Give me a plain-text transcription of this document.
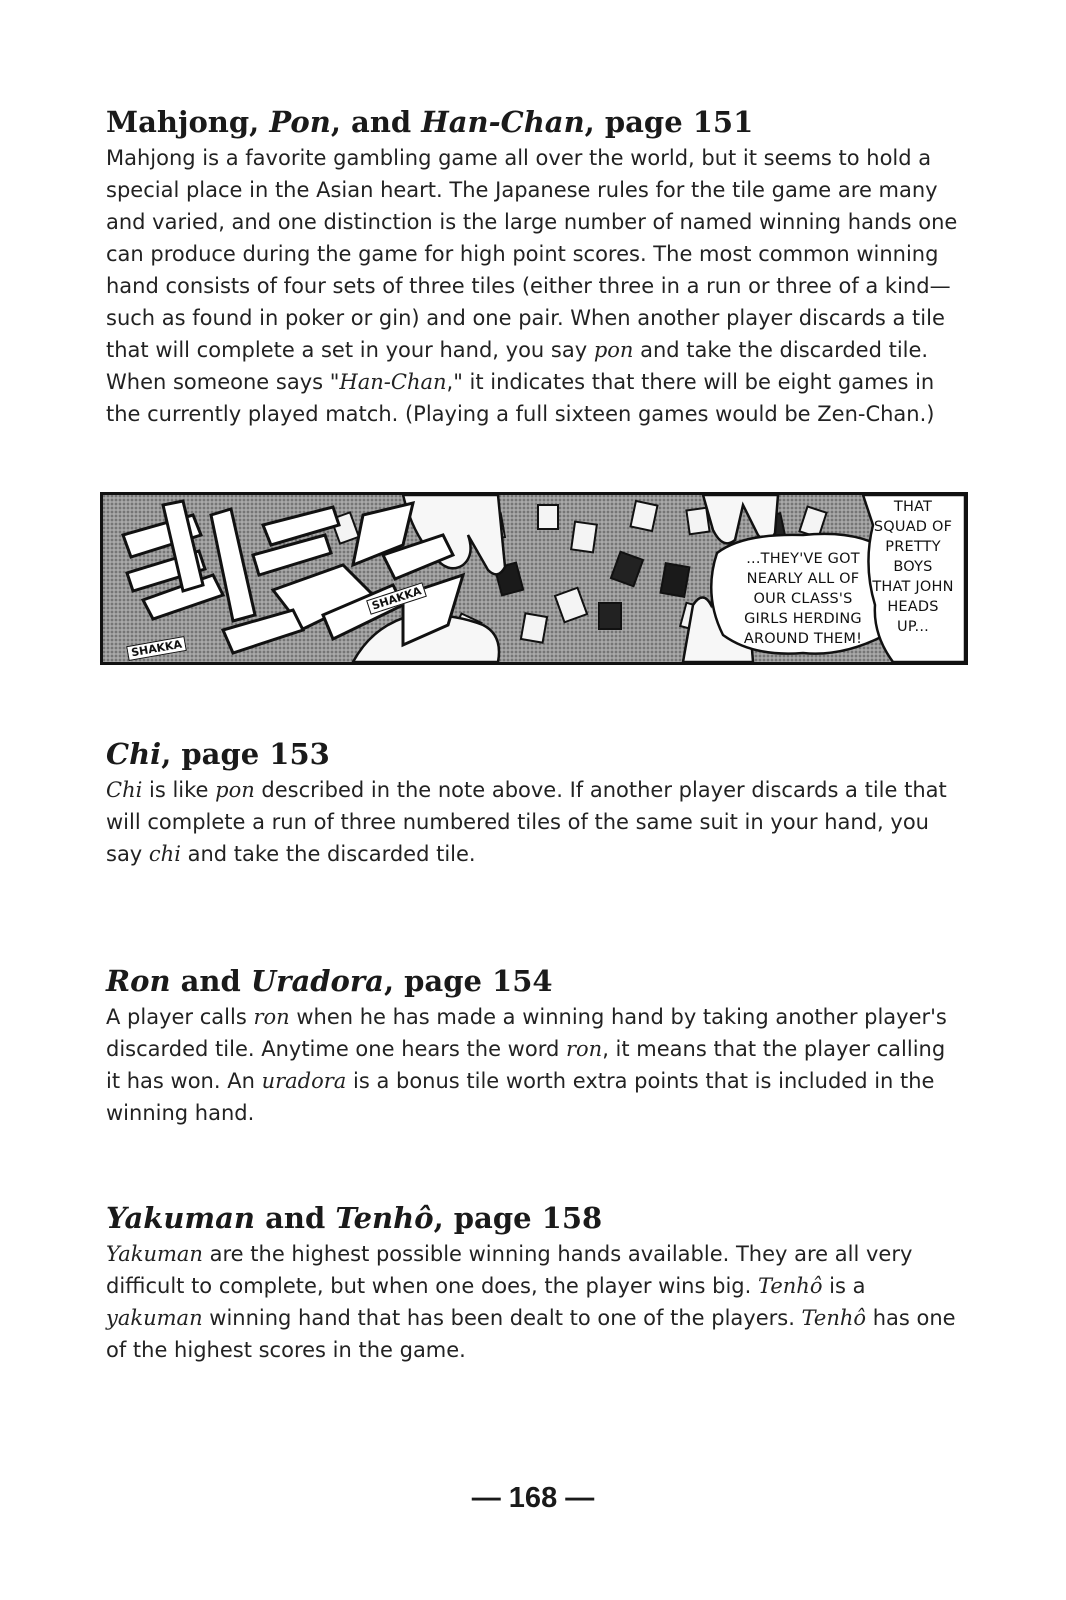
Mahjong, Pon, and Han-Chan, page 151

Mahjong is a favorite gambling game all over the world, but it seems to hold a special place in the Asian heart. The Japanese rules for the tile game are many and varied, and one distinction is the large number of named winning hands one can produce during the game for high point scores. The most common winning hand consists of four sets of three tiles (either three in a run or three of a kind—such as found in poker or gin) and one pair. When another player discards a tile that will complete a set in your hand, you say pon and take the discarded tile. When someone says "Han-Chan," it indicates that there will be eight games in the currently played match. (Playing a full sixteen games would be Zen-Chan.)

...THEY'VE GOT
NEARLY ALL OF
OUR CLASS'S
GIRLS HERDING
AROUND THEM!
THAT
SQUAD OF
PRETTY
BOYS
THAT JOHN
HEADS
UP...
SHAKKA
SHAKKA
Chi, page 153

Chi is like pon described in the note above. If another player discards a tile that will complete a run of three numbered tiles of the same suit in your hand, you say chi and take the discarded tile.

Ron and Uradora, page 154

A player calls ron when he has made a winning hand by taking another player's discarded tile. Anytime one hears the word ron, it means that the player calling it has won. An uradora is a bonus tile worth extra points that is included in the winning hand.

Yakuman and Tenhô, page 158

Yakuman are the highest possible winning hands available. They are all very difficult to complete, but when one does, the player wins big. Tenhô is a yakuman winning hand that has been dealt to one of the players. Tenhô has one of the highest scores in the game.

— 168 —
